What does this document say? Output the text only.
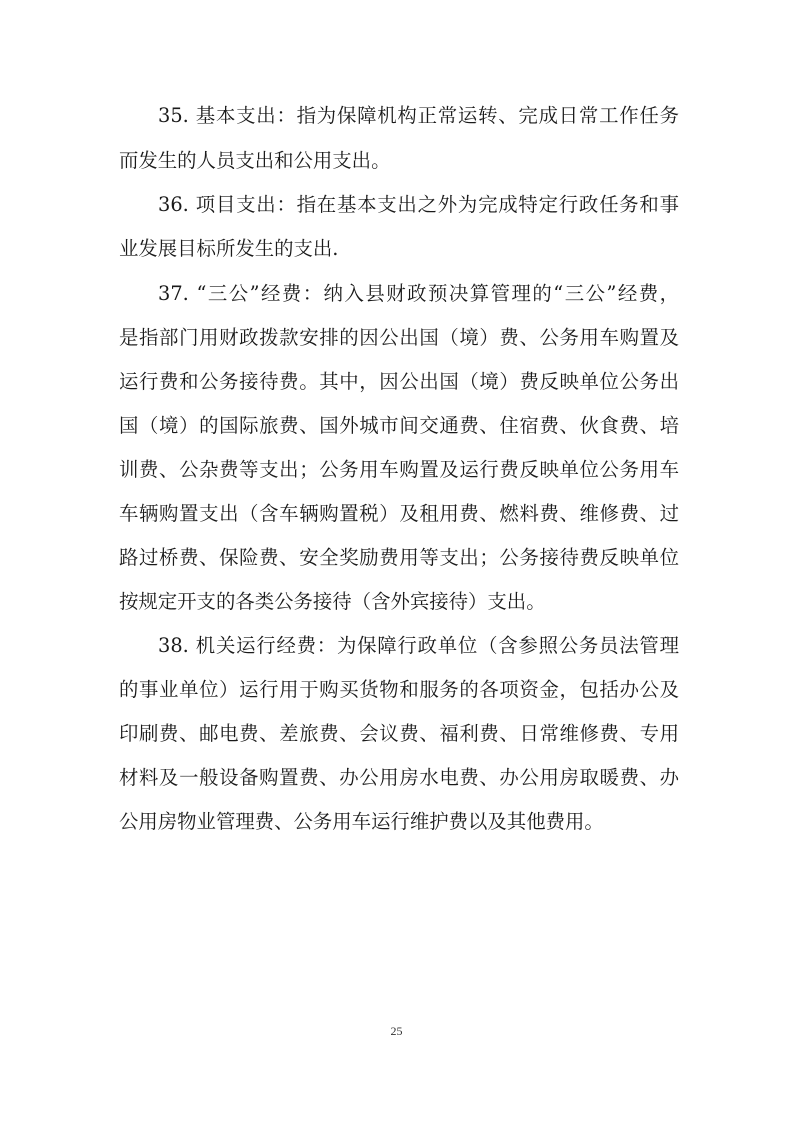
35. 基本支出：指为保障机构正常运转、完成日常工作任务
而发生的人员支出和公用支出。
36. 项目支出：指在基本支出之外为完成特定行政任务和事
业发展目标所发生的支出.
37. “三公”经费：纳入县财政预决算管理的“三公”经费，
是指部门用财政拨款安排的因公出国（境）费、公务用车购置及
运行费和公务接待费。其中，因公出国（境）费反映单位公务出
国（境）的国际旅费、国外城市间交通费、住宿费、伙食费、培
训费、公杂费等支出；公务用车购置及运行费反映单位公务用车
车辆购置支出（含车辆购置税）及租用费、燃料费、维修费、过
路过桥费、保险费、安全奖励费用等支出；公务接待费反映单位
按规定开支的各类公务接待（含外宾接待）支出。
38. 机关运行经费：为保障行政单位（含参照公务员法管理
的事业单位）运行用于购买货物和服务的各项资金，包括办公及
印刷费、邮电费、差旅费、会议费、福利费、日常维修费、专用
材料及一般设备购置费、办公用房水电费、办公用房取暖费、办
公用房物业管理费、公务用车运行维护费以及其他费用。
25
